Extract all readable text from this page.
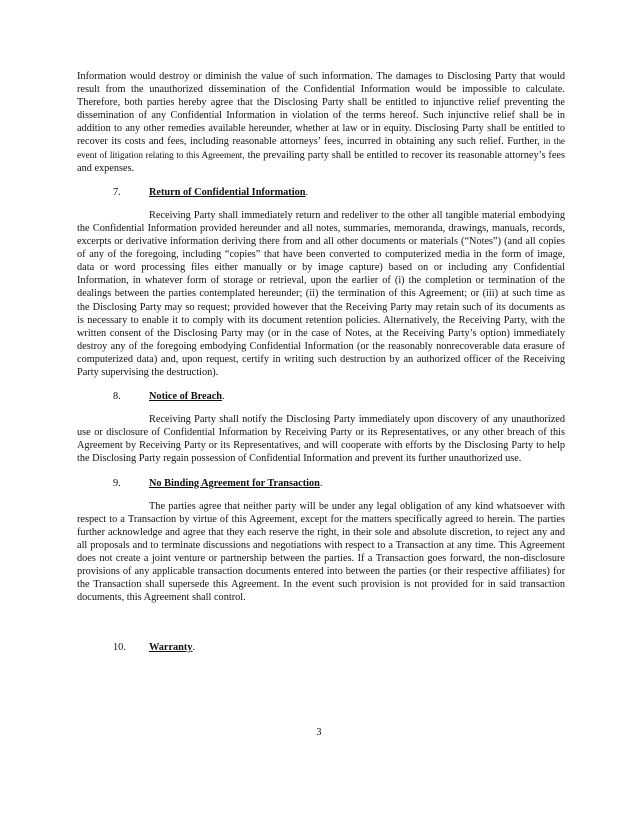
Information would destroy or diminish the value of such information. The damages to Disclosing Party that would result from the unauthorized dissemination of the Confidential Information would be impossible to calculate. Therefore, both parties hereby agree that the Disclosing Party shall be entitled to injunctive relief preventing the dissemination of any Confidential Information in violation of the terms hereof. Such injunctive relief shall be in addition to any other remedies available hereunder, whether at law or in equity. Disclosing Party shall be entitled to recover its costs and fees, including reasonable attorneys’ fees, incurred in obtaining any such relief. Further, in the event of litigation relating to this Agreement, the prevailing party shall be entitled to recover its reasonable attorney’s fees and expenses.

7.	Return of Confidential Information.

Receiving Party shall immediately return and redeliver to the other all tangible material embodying the Confidential Information provided hereunder and all notes, summaries, memoranda, drawings, manuals, records, excerpts or derivative information deriving there from and all other documents or materials (“Notes”) (and all copies of any of the foregoing, including “copies” that have been converted to computerized media in the form of image, data or word processing files either manually or by image capture) based on or including any Confidential Information, in whatever form of storage or retrieval, upon the earlier of (i) the completion or termination of the dealings between the parties contemplated hereunder; (ii) the termination of this Agreement; or (iii) at such time as the Disclosing Party may so request; provided however that the Receiving Party may retain such of its documents as is necessary to enable it to comply with its document retention policies. Alternatively, the Receiving Party, with the written consent of the Disclosing Party may (or in the case of Notes, at the Receiving Party’s option) immediately destroy any of the foregoing embodying Confidential Information (or the reasonably nonrecoverable data erasure of computerized data) and, upon request, certify in writing such destruction by an authorized officer of the Receiving Party supervising the destruction).

8.	Notice of Breach.

Receiving Party shall notify the Disclosing Party immediately upon discovery of any unauthorized use or disclosure of Confidential Information by Receiving Party or its Representatives, or any other breach of this Agreement by Receiving Party or its Representatives, and will cooperate with efforts by the Disclosing Party to help the Disclosing Party regain possession of Confidential Information and prevent its further unauthorized use.

9.	No Binding Agreement for Transaction.

The parties agree that neither party will be under any legal obligation of any kind whatsoever with respect to a Transaction by virtue of this Agreement, except for the matters specifically agreed to herein. The parties further acknowledge and agree that they each reserve the right, in their sole and absolute discretion, to reject any and all proposals and to terminate discussions and negotiations with respect to a Transaction at any time. This Agreement does not create a joint venture or partnership between the parties. If a Transaction goes forward, the non-disclosure provisions of any applicable transaction documents entered into between the parties (or their respective affiliates) for the Transaction shall supersede this Agreement. In the event such provision is not provided for in said transaction documents, this Agreement shall control.

10. Warranty.
3
